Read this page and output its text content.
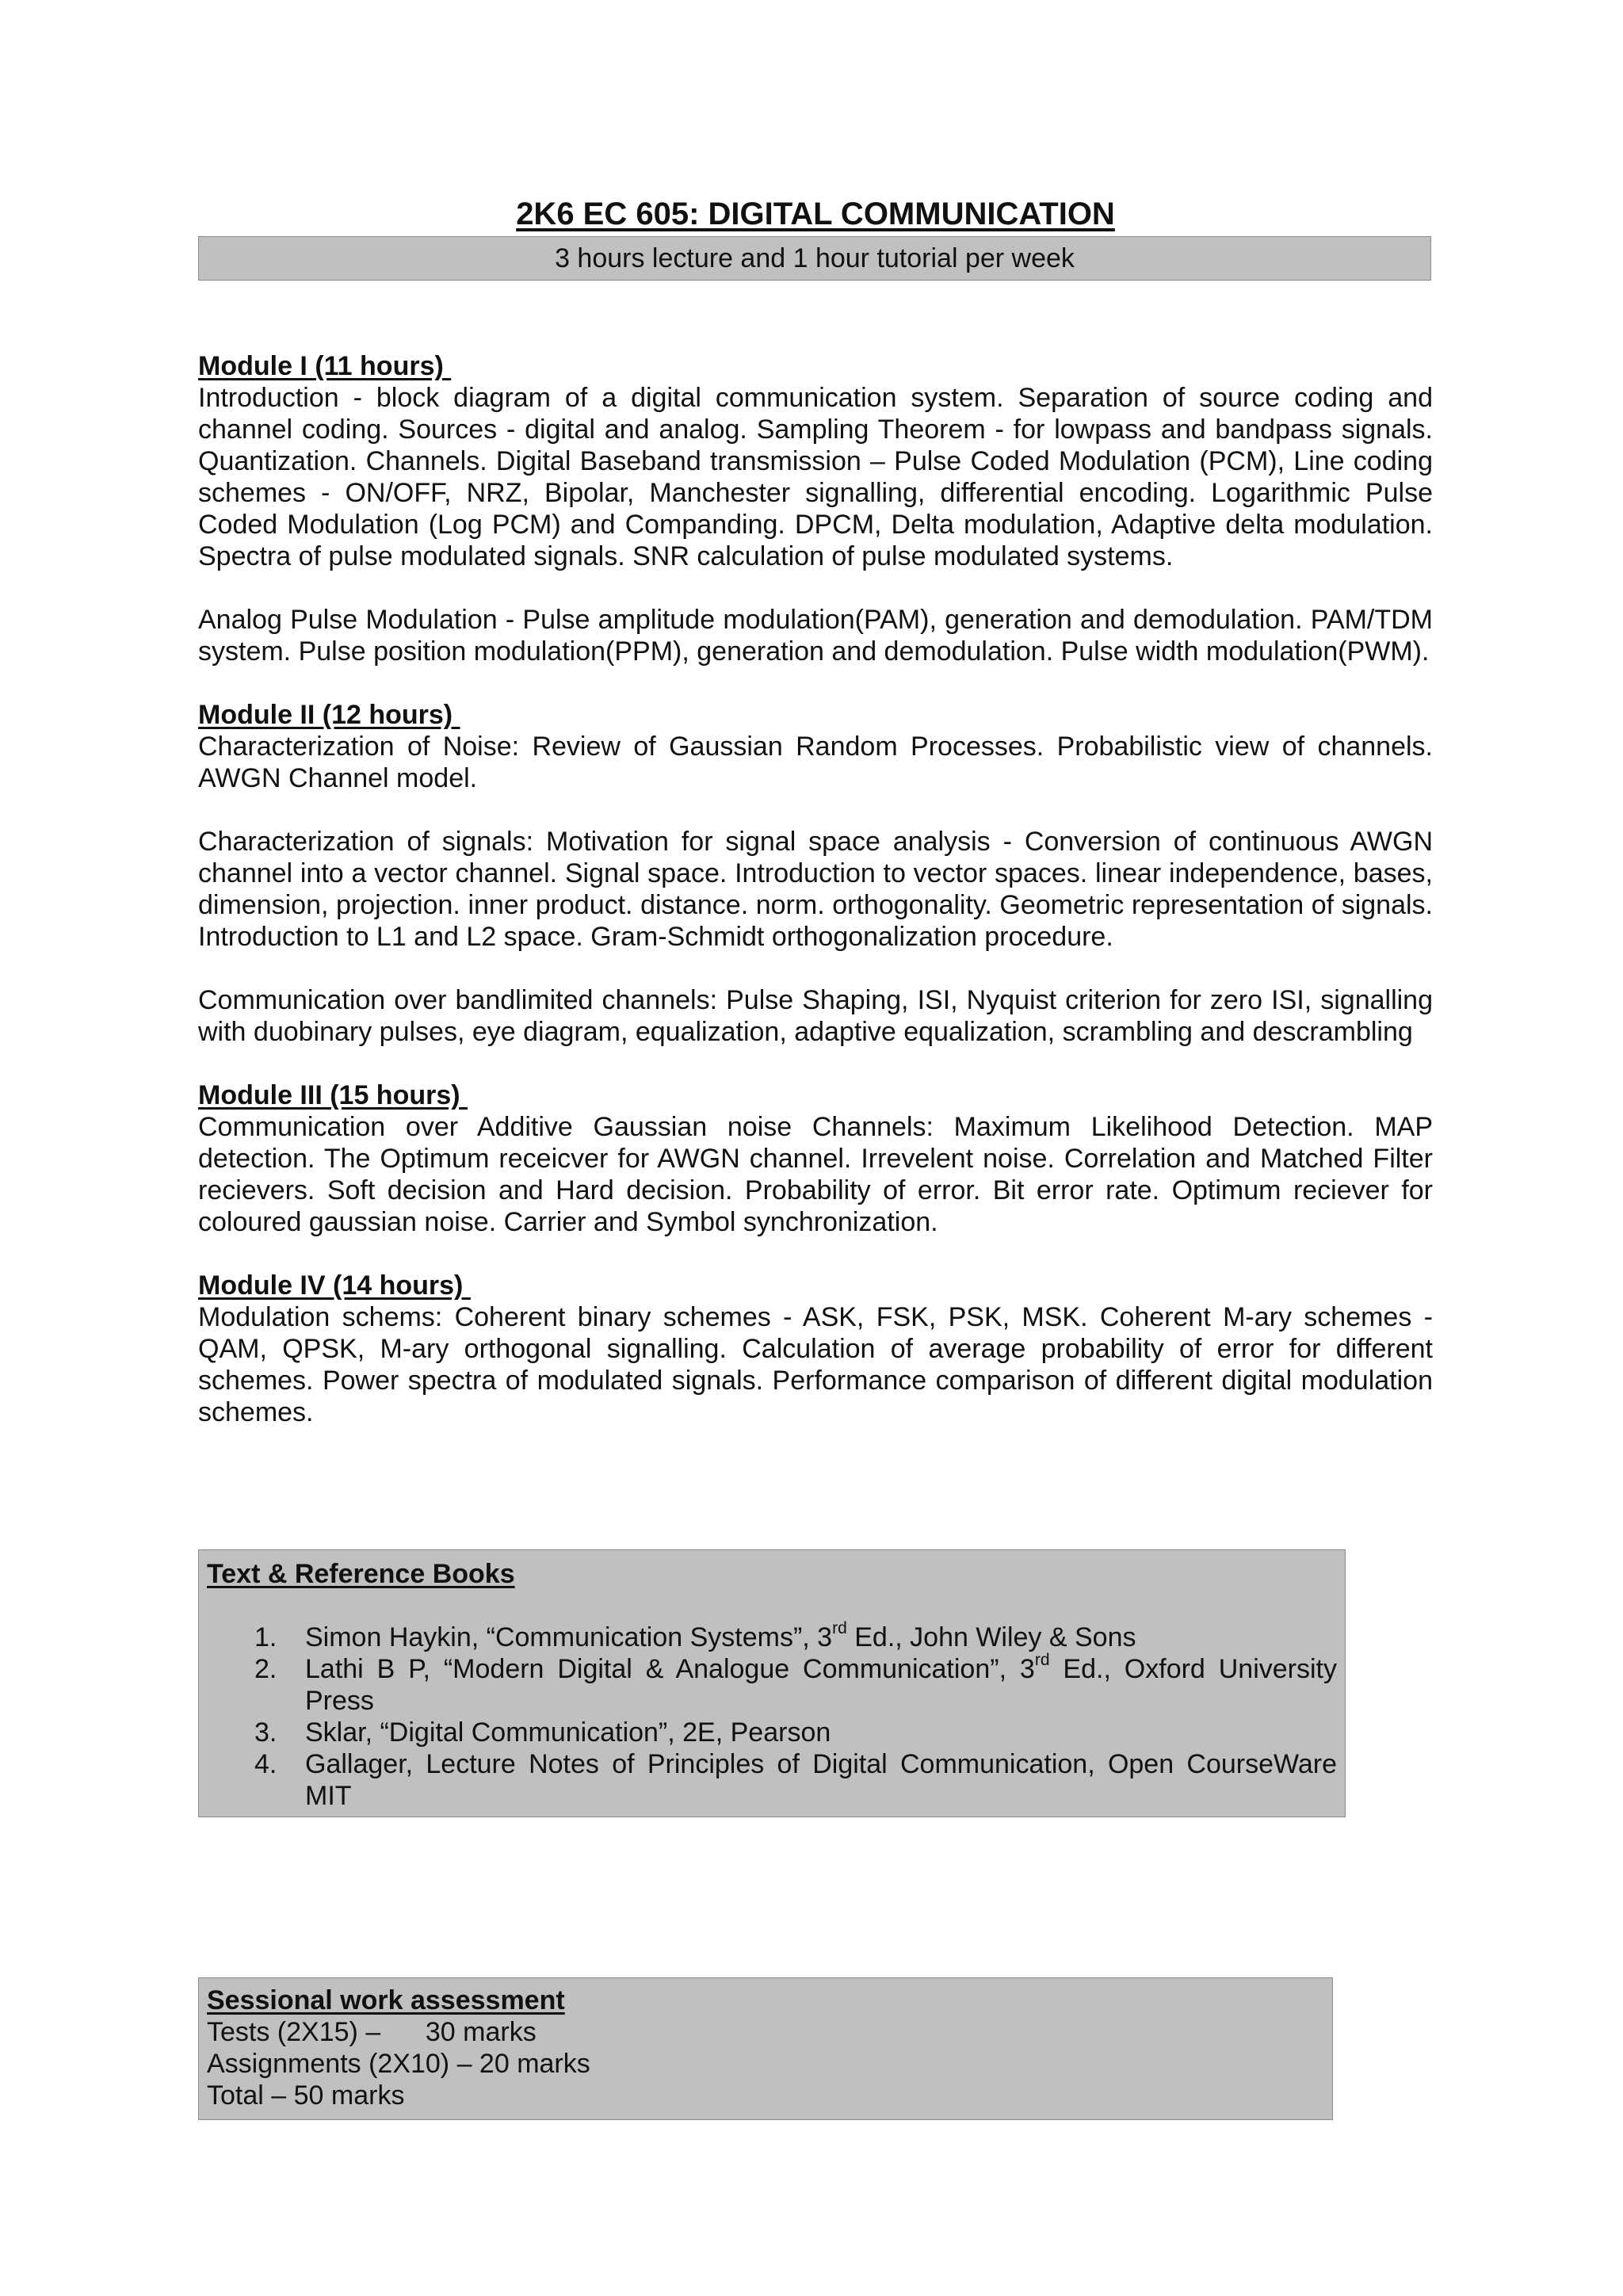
2K6 EC 605: DIGITAL COMMUNICATION
3 hours lecture and 1 hour tutorial per week
Module I (11 hours)

Introduction - block diagram of a digital communication system. Separation of source coding and channel coding. Sources - digital and analog. Sampling Theorem - for lowpass and bandpass signals. Quantization. Channels. Digital Baseband transmission – Pulse Coded Modulation (PCM), Line coding schemes - ON/OFF, NRZ, Bipolar, Manchester signalling, differential encoding. Logarithmic Pulse Coded Modulation (Log PCM) and Companding. DPCM, Delta modulation, Adaptive delta modulation. Spectra of pulse modulated signals. SNR calculation of pulse modulated systems.

Analog Pulse Modulation - Pulse amplitude modulation(PAM), generation and demodulation. PAM/TDM system. Pulse position modulation(PPM), generation and demodulation. Pulse width modulation(PWM).

Module II (12 hours)

Characterization of Noise: Review of Gaussian Random Processes. Probabilistic view of channels. AWGN Channel model.

Characterization of signals: Motivation for signal space analysis - Conversion of continuous AWGN channel into a vector channel. Signal space. Introduction to vector spaces. linear independence, bases, dimension, projection. inner product. distance. norm. orthogonality. Geometric representation of signals. Introduction to L1 and L2 space. Gram-Schmidt orthogonalization procedure.

Communication over bandlimited channels: Pulse Shaping, ISI, Nyquist criterion for zero ISI, signalling with duobinary pulses, eye diagram, equalization, adaptive equalization, scrambling and descrambling

Module III (15 hours)

Communication over Additive Gaussian noise Channels: Maximum Likelihood Detection. MAP detection. The Optimum receicver for AWGN channel. Irrevelent noise. Correlation and Matched Filter recievers. Soft decision and Hard decision. Probability of error. Bit error rate. Optimum reciever for coloured gaussian noise. Carrier and Symbol synchronization.

Module IV (14 hours)

Modulation schems: Coherent binary schemes - ASK, FSK, PSK, MSK. Coherent M-ary schemes - QAM, QPSK, M-ary orthogonal signalling. Calculation of average probability of error for different schemes. Power spectra of modulated signals. Performance comparison of different digital modulation schemes.

Text & Reference Books
1. Simon Haykin, “Communication Systems”, 3rd Ed., John Wiley & Sons
2. Lathi B P, “Modern Digital & Analogue Communication”, 3rd Ed., Oxford University Press
3. Sklar, “Digital Communication”, 2E, Pearson
4. Gallager, Lecture Notes of Principles of Digital Communication, Open CourseWare MIT
Sessional work assessment
Tests (2X15) –      30 marks
Assignments (2X10) – 20 marks
Total – 50 marks
